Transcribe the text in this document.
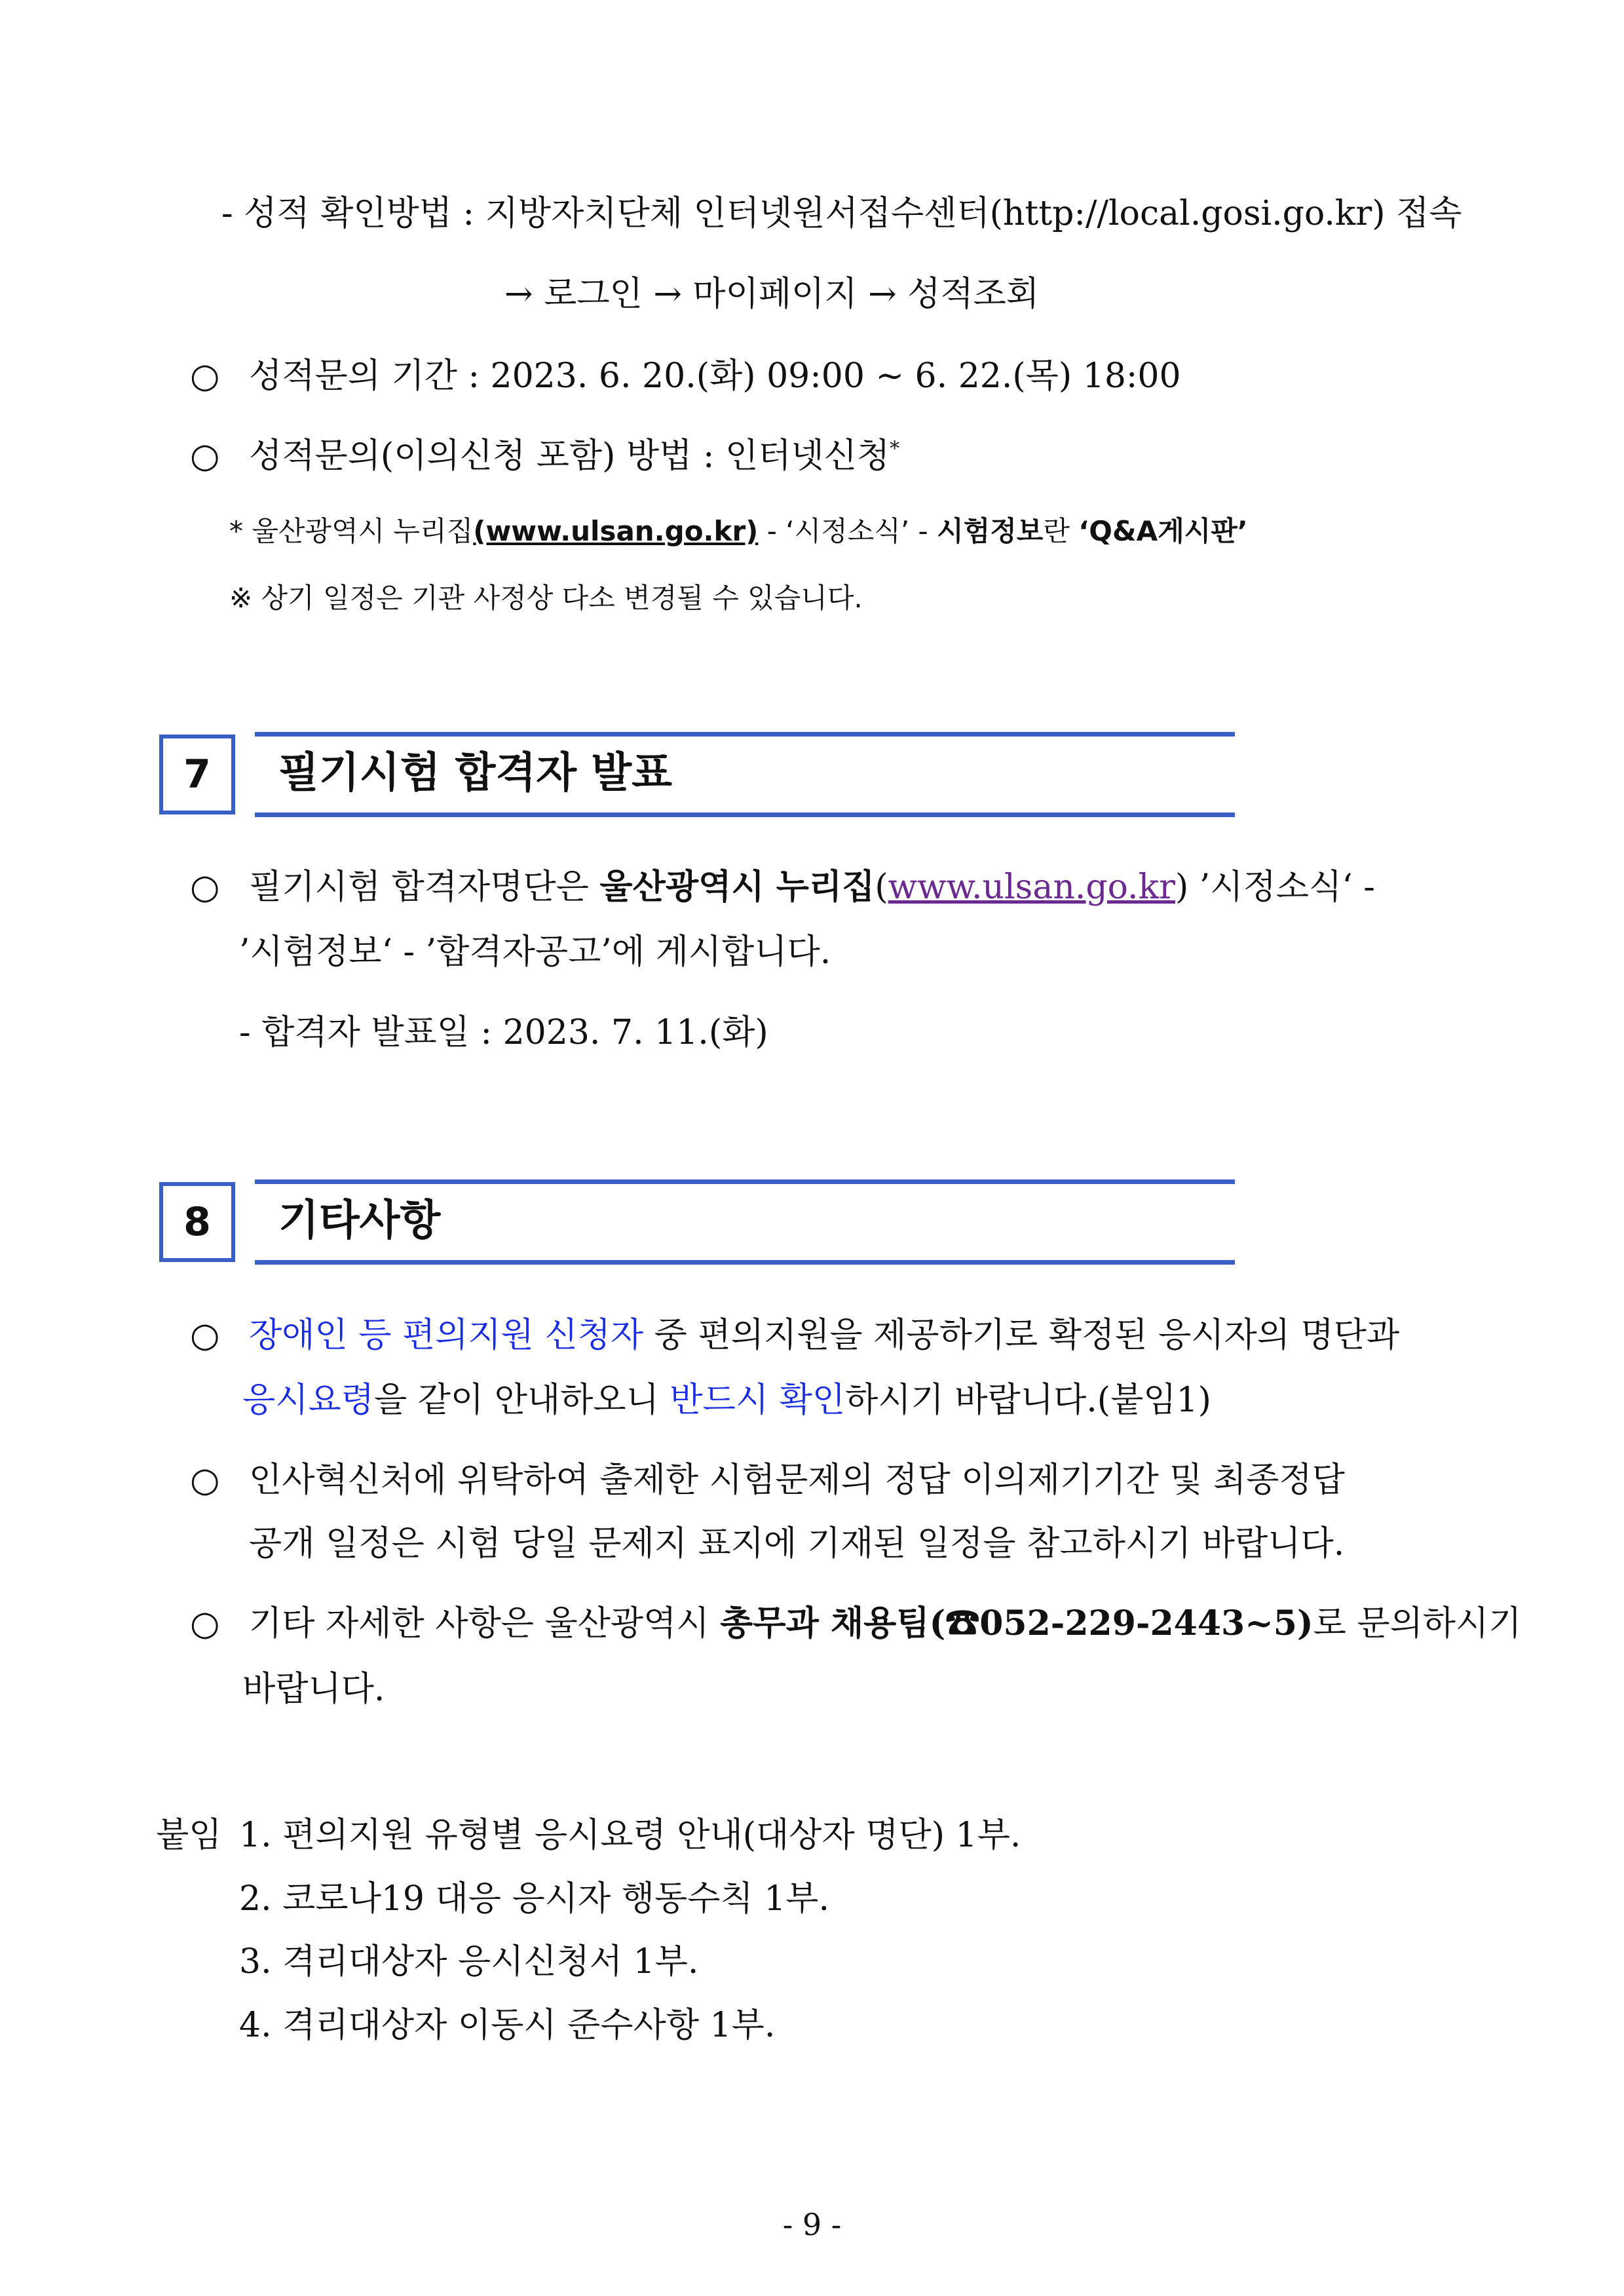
- 성적 확인방법 : 지방자치단체 인터넷원서접수센터(http://local.gosi.go.kr) 접속
→ 로그인 → 마이페이지 → 성적조회
○ 성적문의 기간 : 2023. 6. 20.(화) 09:00 ~ 6. 22.(목) 18:00
○ 성적문의(이의신청 포함) 방법 : 인터넷신청*
* 울산광역시 누리집(www.ulsan.go.kr) - ‘시정소식’ - 시험정보란 ‘Q&A게시판’
※ 상기 일정은 기관 사정상 다소 변경될 수 있습니다.
7	필기시험 합격자 발표
○ 필기시험 합격자명단은 울산광역시 누리집(www.ulsan.go.kr) ’시정소식‘ -
’시험정보‘ - ’합격자공고’에 게시합니다.
- 합격자 발표일 : 2023. 7. 11.(화)
8	기타사항
○ 장애인 등 편의지원 신청자 중 편의지원을 제공하기로 확정된 응시자의 명단과
응시요령을 같이 안내하오니 반드시 확인하시기 바랍니다.(붙임1)
○ 인사혁신처에 위탁하여 출제한 시험문제의 정답 이의제기기간 및 최종정답
공개 일정은 시험 당일 문제지 표지에 기재된 일정을 참고하시기 바랍니다.
○ 기타 자세한 사항은 울산광역시 총무과 채용팀(☎052-229-2443~5)로 문의하시기
바랍니다.
붙임 1. 편의지원 유형별 응시요령 안내(대상자 명단) 1부.
2. 코로나19 대응 응시자 행동수칙 1부.
3. 격리대상자 응시신청서 1부.
4. 격리대상자 이동시 준수사항 1부.
- 9 -
